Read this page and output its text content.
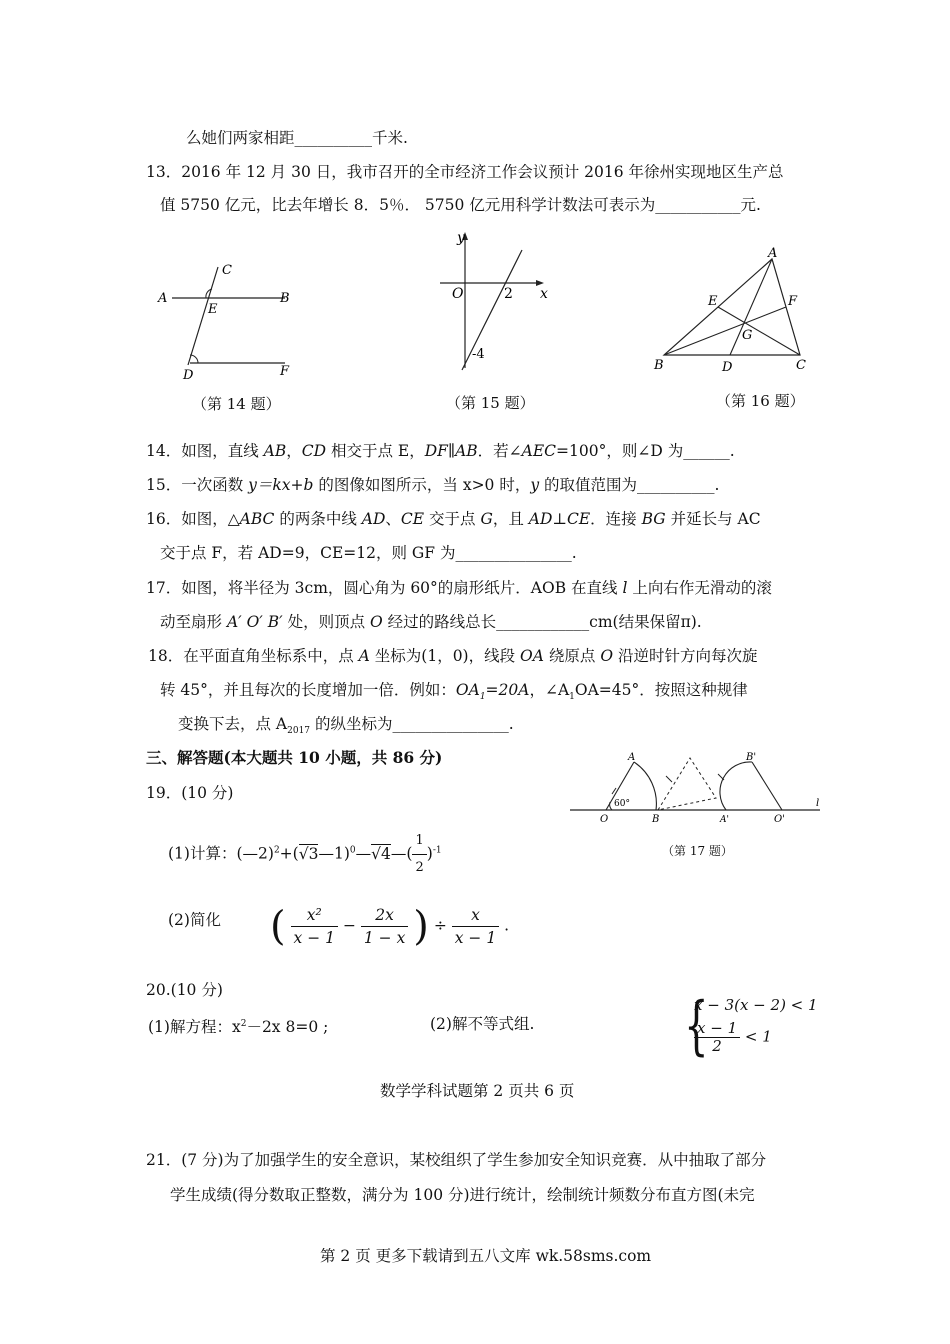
么她们两家相距__________千米.
13．2016 年 12 月 30 日，我市召开的全市经济工作会议预计 2016 年徐州实现地区生产总
值 5750 亿元，比去年增长 8．5％． 5750 亿元用科学计数法可表示为___________元.
A	B
C
E
D	F
（第 14 题）
y
O	2 x
-4
（第 15 题）
A
E	F
G
B	D	C
（第 16 题）
14．如图，直线 AB，CD 相交于点 E，DF∥AB．若∠AEC=100°，则∠D 为______.
15．一次函数 y＝kx+b 的图像如图所示，当 x>0 时，y 的取值范围为__________.
16．如图，△ABC 的两条中线 AD、CE 交于点 G，且 AD⊥CE．连接 BG 并延长与 AC
交于点 F，若 AD=9，CE=12，则 GF 为_______________.
17．如图，将半径为 3cm，圆心角为 60°的扇形纸片．AOB 在直线 l 上向右作无滑动的滚
动至扇形 A′ O′ B′ 处，则顶点 O 经过的路线总长____________cm(结果保留π).
18．在平面直角坐标系中，点 A 坐标为(1，0)，线段 OA 绕原点 O 沿逆时针方向每次旋
转 45°，并且每次的长度增加一倍．例如：$OA_1=20A$，$\angle A_1OA=45^\circ$．按照这种规律
变换下去，点 $A_{2017}$ 的纵坐标为_______________.
三、解答题(本大题共 10 小题，共 86 分)	A	B'
60°
O	B	A'	O'
l
（第 17 题）
19．(10 分)
(1)计算：(—2)$^2$+(√3—1)$^0$—√4—( $\frac{1}{2} )^{-1}$
(2)简化 ( $\frac{\text{x²}}{x - 1} - \frac{2x}{1 - x}$ ) ÷ $\frac{x}{x - 1}$ .
20.(10 分)
(1)解方程：$x^2-2x$ 8=0 ;	(2)解不等式组. {
x − 3(x − 2) < 1
$\frac{x - 1}{2} < 1$
数学学科试题第 2 页共 6 页
21．(7 分)为了加强学生的安全意识，某校组织了学生参加安全知识竞赛．从中抽取了部分
学生成绩(得分数取正整数，满分为 100 分)进行统计，绘制统计频数分布直方图(未完
第 2 页 更多下载请到五八文库 wk.58sms.com
